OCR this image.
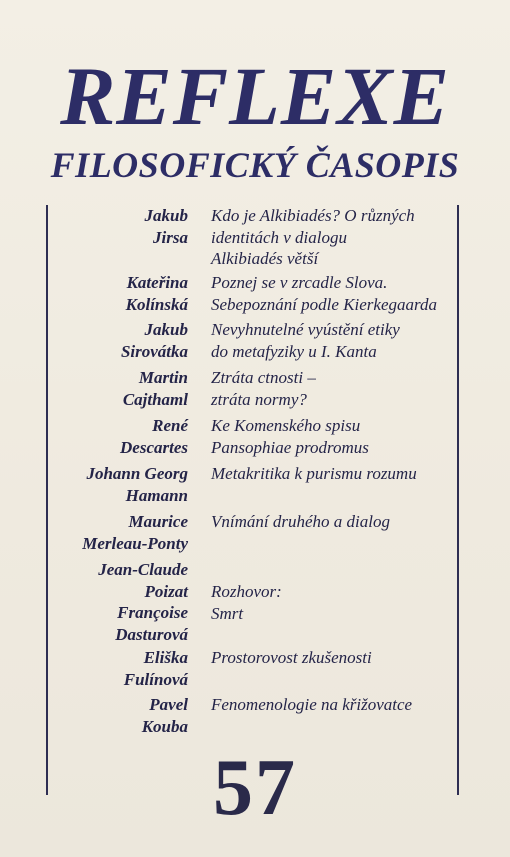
REFLEXE
FILOSOFICKÝ ČASOPIS
Jakub
Jirsa
Kdo je Alkibiadés? O různých
identitách v dialogu
Alkibiadés větší
Kateřina
Kolínská
Poznej se v zrcadle Slova.
Sebepoznání podle Kierkegaarda
Jakub
Sirovátka
Nevyhnutelné vyústění etiky
do metafyziky u I. Kanta
Martin
Cajthaml
Ztráta ctnosti –
ztráta normy?
René
Descartes
Ke Komenského spisu
Pansophiae prodromus
Johann Georg
Hamann
Metakritika k purismu rozumu
Maurice
Merleau-Ponty
Vnímání druhého a dialog
Jean-Claude
Poizat
Françoise
Dasturová
Rozhovor:
Smrt
Eliška
Fulínová
Prostorovost zkušenosti
Pavel
Kouba
Fenomenologie na křižovatce
57
